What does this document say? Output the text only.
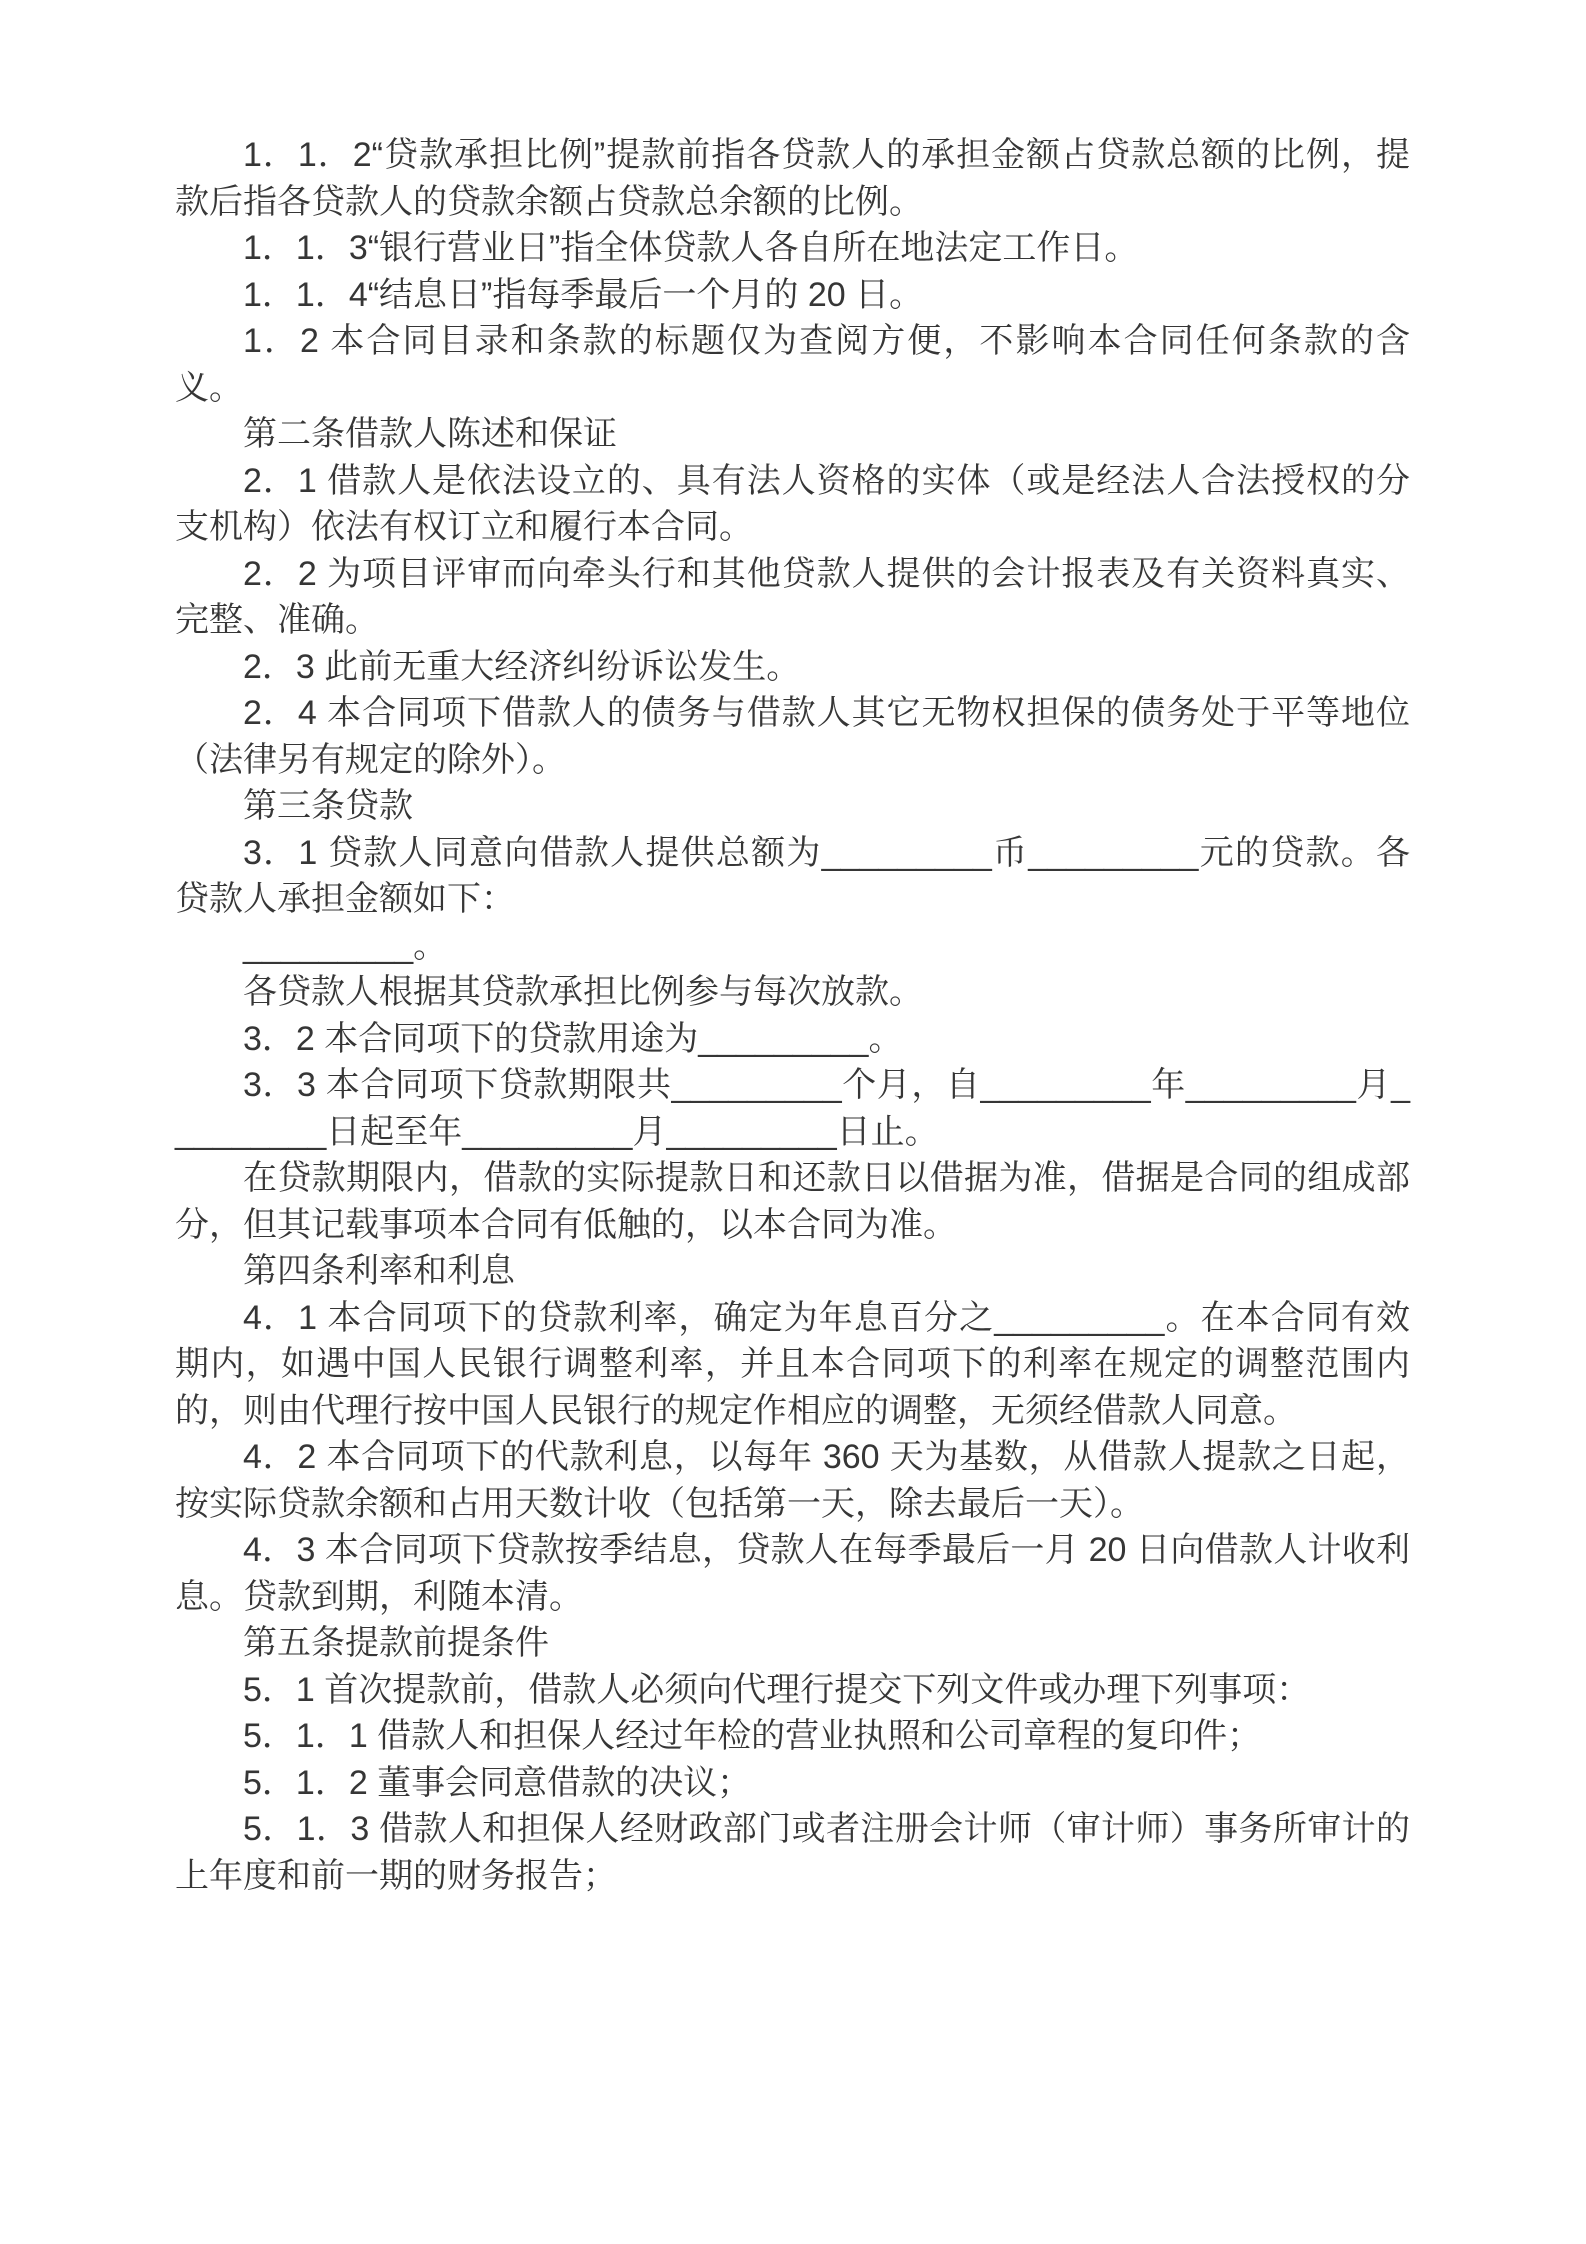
1．1．2“贷款承担比例”提款前指各贷款人的承担金额占贷款总额的比例，提款后指各贷款人的贷款余额占贷款总余额的比例。

1．1．3“银行营业日”指全体贷款人各自所在地法定工作日。

1．1．4“结息日”指每季最后一个月的 20 日。

1．2 本合同目录和条款的标题仅为查阅方便，不影响本合同任何条款的含义。

第二条借款人陈述和保证

2．1 借款人是依法设立的、具有法人资格的实体（或是经法人合法授权的分支机构）依法有权订立和履行本合同。

2．2 为项目评审而向牵头行和其他贷款人提供的会计报表及有关资料真实、完整、准确。

2．3 此前无重大经济纠纷诉讼发生。

2．4 本合同项下借款人的债务与借款人其它无物权担保的债务处于平等地位（法律另有规定的除外）。

第三条贷款

3．1 贷款人同意向借款人提供总额为_________币_________元的贷款。各贷款人承担金额如下：

_________。

各贷款人根据其贷款承担比例参与每次放款。

3．2 本合同项下的贷款用途为_________。

3．3 本合同项下贷款期限共_________个月，自_________年_________月_________日起至年_________月_________日止。

在贷款期限内，借款的实际提款日和还款日以借据为准，借据是合同的组成部分，但其记载事项本合同有低触的，以本合同为准。

第四条利率和利息

4．1 本合同项下的贷款利率，确定为年息百分之_________。在本合同有效期内，如遇中国人民银行调整利率，并且本合同项下的利率在规定的调整范围内的，则由代理行按中国人民银行的规定作相应的调整，无须经借款人同意。

4．2 本合同项下的代款利息，以每年 360 天为基数，从借款人提款之日起，按实际贷款余额和占用天数计收（包括第一天，除去最后一天）。

4．3 本合同项下贷款按季结息，贷款人在每季最后一月 20 日向借款人计收利息。贷款到期，利随本清。

第五条提款前提条件

5．1 首次提款前，借款人必须向代理行提交下列文件或办理下列事项：

5．1．1 借款人和担保人经过年检的营业执照和公司章程的复印件；

5．1．2 董事会同意借款的决议；

5．1．3 借款人和担保人经财政部门或者注册会计师（审计师）事务所审计的上年度和前一期的财务报告；
